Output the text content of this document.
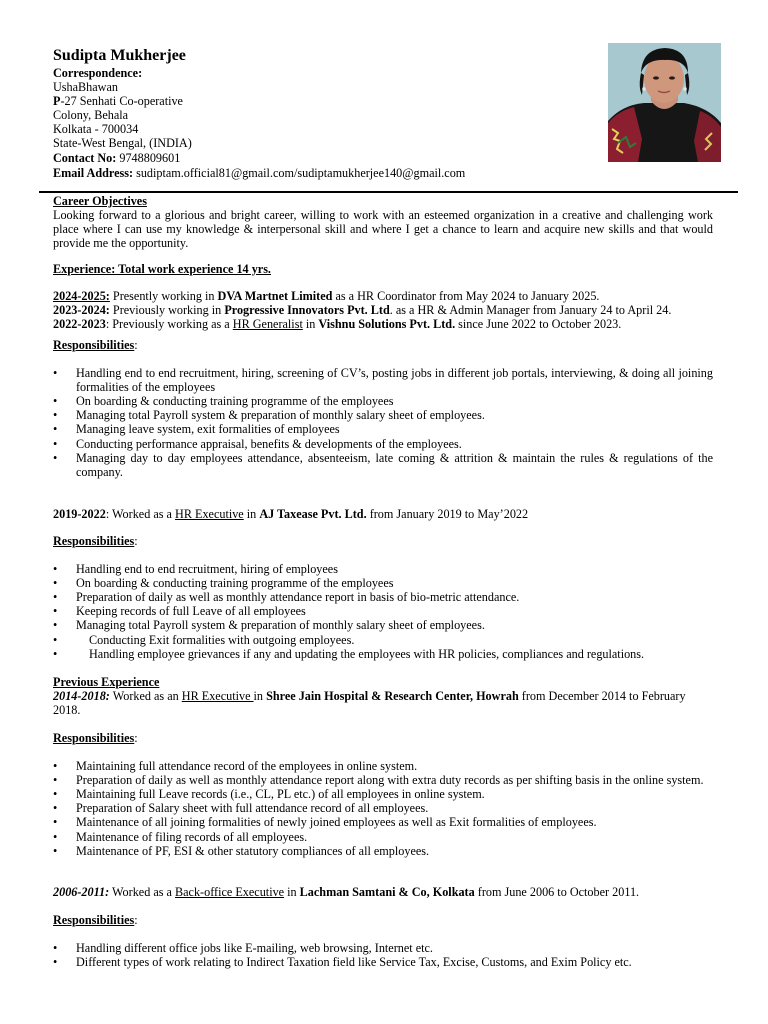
Sudipta Mukherjee
Correspondence:
UshaBhawan
P-27 Senhati Co-operative
Colony, Behala
Kolkata - 700034
State-West Bengal, (INDIA)
Contact No: 9748809601
Email Address: sudiptam.official81@gmail.com/sudiptamukherjee140@gmail.com
Career Objectives
Looking forward to a glorious and bright career, willing to work with an esteemed organization in a creative and challenging work place where I can use my knowledge & interpersonal skill and where I get a chance to learn and acquire new skills and that would provide me the opportunity.
Experience: Total work experience 14 yrs.
2024-2025: Presently working in DVA Martnet Limited as a HR Coordinator from May 2024 to January 2025.
2023-2024: Previously working in Progressive Innovators Pvt. Ltd. as a HR & Admin Manager from January 24 to April 24.
2022-2023: Previously working as a HR Generalist in Vishnu Solutions Pvt. Ltd. since June 2022 to October 2023.
Responsibilities:
• Handling end to end recruitment, hiring, screening of CV’s, posting jobs in different job portals, interviewing, & doing all joining formalities of the employees
• On boarding & conducting training programme of the employees
• Managing total Payroll system & preparation of monthly salary sheet of employees.
• Managing leave system, exit formalities of employees
• Conducting performance appraisal, benefits & developments of the employees.
• Managing day to day employees attendance, absenteeism, late coming & attrition & maintain the rules & regulations of the company.
2019-2022: Worked as a HR Executive in AJ Taxease Pvt. Ltd. from January 2019 to May’2022
Responsibilities:
• Handling end to end recruitment, hiring of employees
• On boarding & conducting training programme of the employees
• Preparation of daily as well as monthly attendance report in basis of bio-metric attendance.
• Keeping records of full Leave of all employees
• Managing total Payroll system & preparation of monthly salary sheet of employees.
•	Conducting Exit formalities with outgoing employees.
•	Handling employee grievances if any and updating the employees with HR policies, compliances and regulations.
Previous Experience
2014-2018: Worked as an HR Executive in Shree Jain Hospital & Research Center, Howrah from December 2014 to February 2018.
Responsibilities:
• Maintaining full attendance record of the employees in online system.
• Preparation of daily as well as monthly attendance report along with extra duty records as per shifting basis in the online system.
• Maintaining full Leave records (i.e., CL, PL etc.) of all employees in online system.
• Preparation of Salary sheet with full attendance record of all employees.
• Maintenance of all joining formalities of newly joined employees as well as Exit formalities of employees.
• Maintenance of filing records of all employees.
• Maintenance of PF, ESI & other statutory compliances of all employees.
2006-2011: Worked as a Back-office Executive in Lachman Samtani & Co, Kolkata from June 2006 to October 2011.
Responsibilities:
• Handling different office jobs like E-mailing, web browsing, Internet etc.
• Different types of work relating to Indirect Taxation field like Service Tax, Excise, Customs, and Exim Policy etc.
